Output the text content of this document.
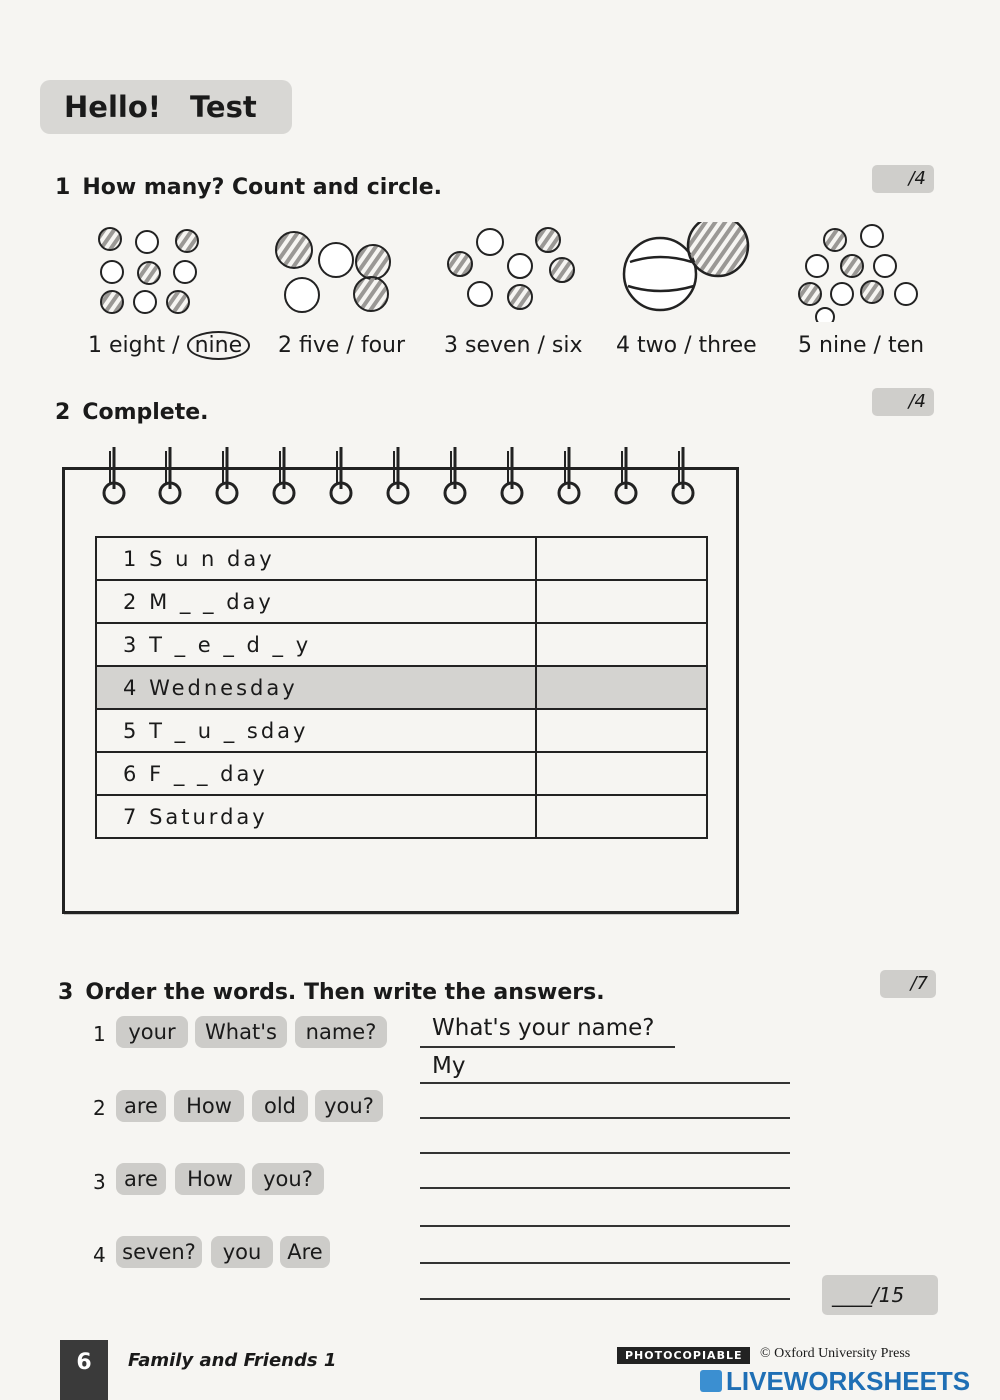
Hello! Test
1 How many? Count and circle.	/4
1 eight / nine	2 five / four 3 seven / six 4 two / three 5 nine / ten
2 Complete.	/4
1 S u n day	
2 M _ _ day	
3 T _ e _ d _ y	
4 Wednesday	
5 T _ u _ sday	
6 F _ _ day	
7 Saturday	
3 Order the words. Then write the answers.	/7
1	your	What's	name?	What's your name?
My
2 are	How	old	you?
3 are	How	you?
4 seven?	you	Are
____/15
6	Family and Friends 1	PHOTOCOPIABLE	© Oxford University Press
LIVEWORKSHEETS
